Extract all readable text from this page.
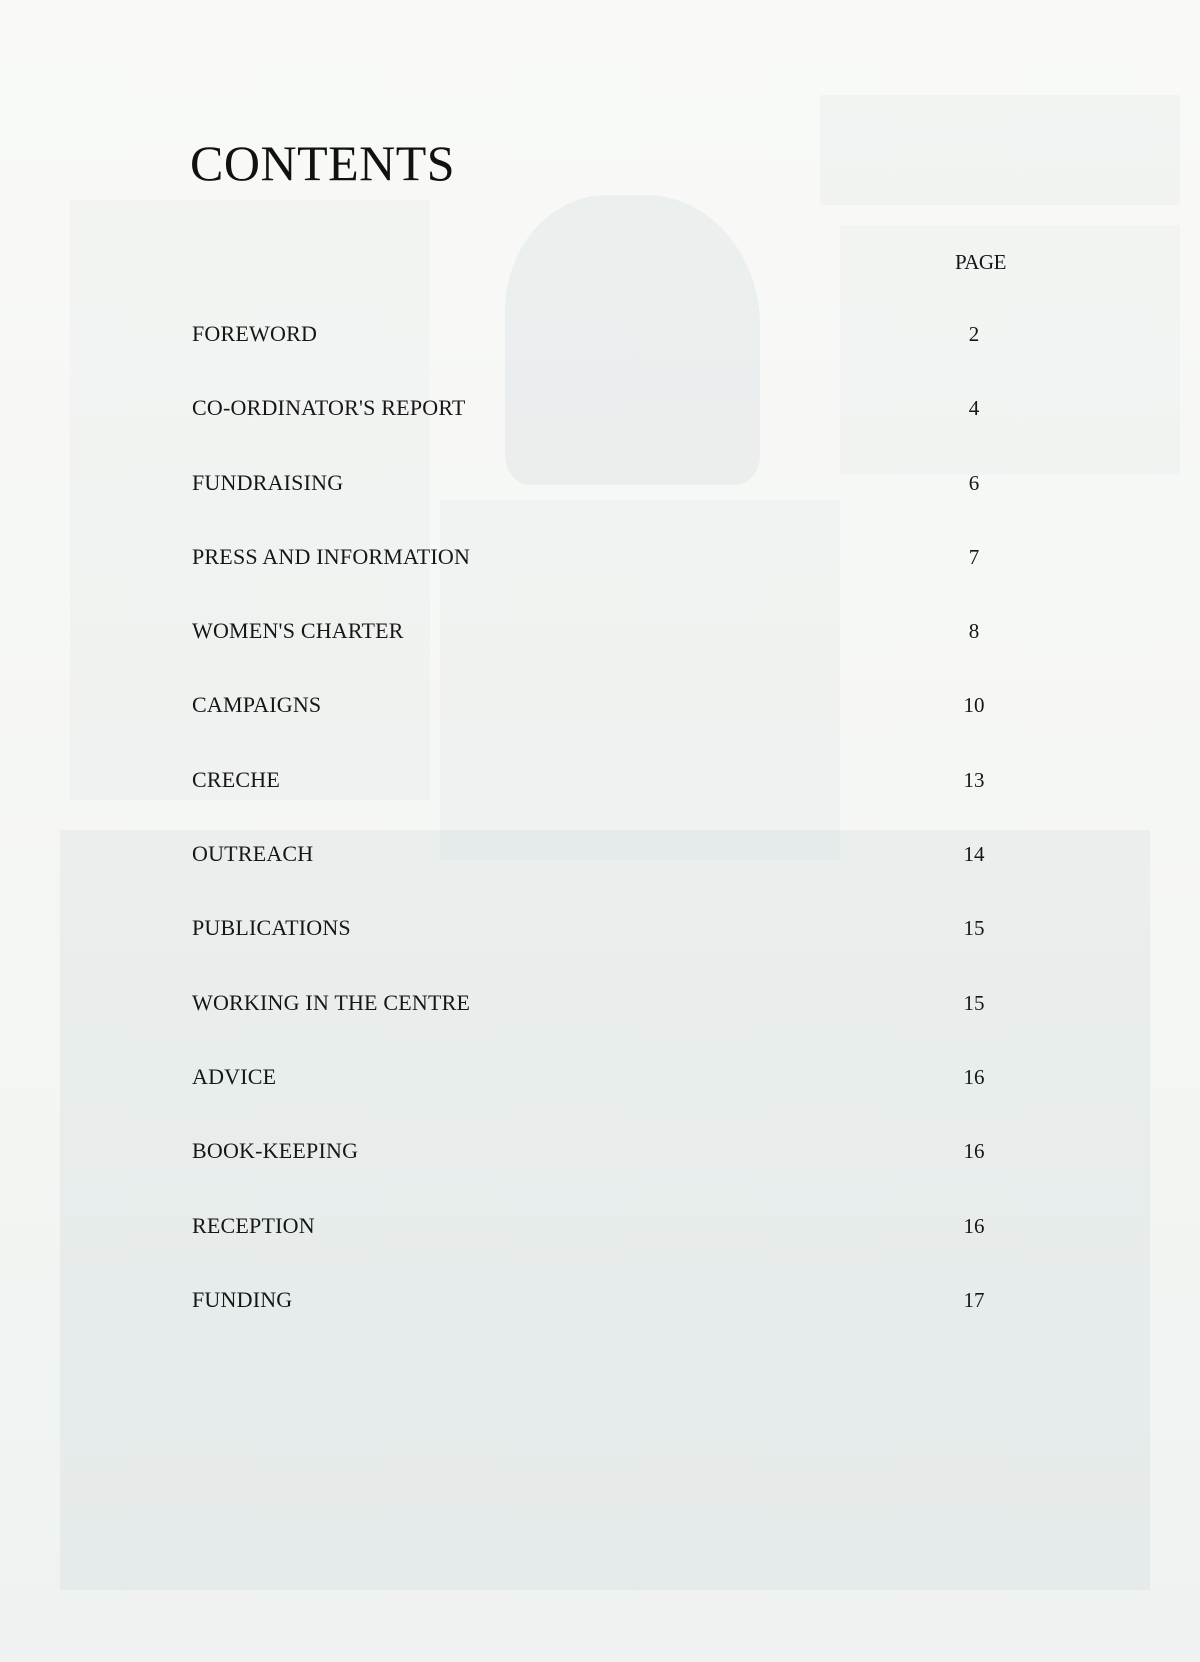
CONTENTS
PAGE
FOREWORD	2
CO-ORDINATOR'S REPORT	4
FUNDRAISING	6
PRESS AND INFORMATION	7
WOMEN'S CHARTER	8
CAMPAIGNS	10
CRECHE	13
OUTREACH	14
PUBLICATIONS	15
WORKING IN THE CENTRE	15
ADVICE	16
BOOK-KEEPING	16
RECEPTION	16
FUNDING	17
